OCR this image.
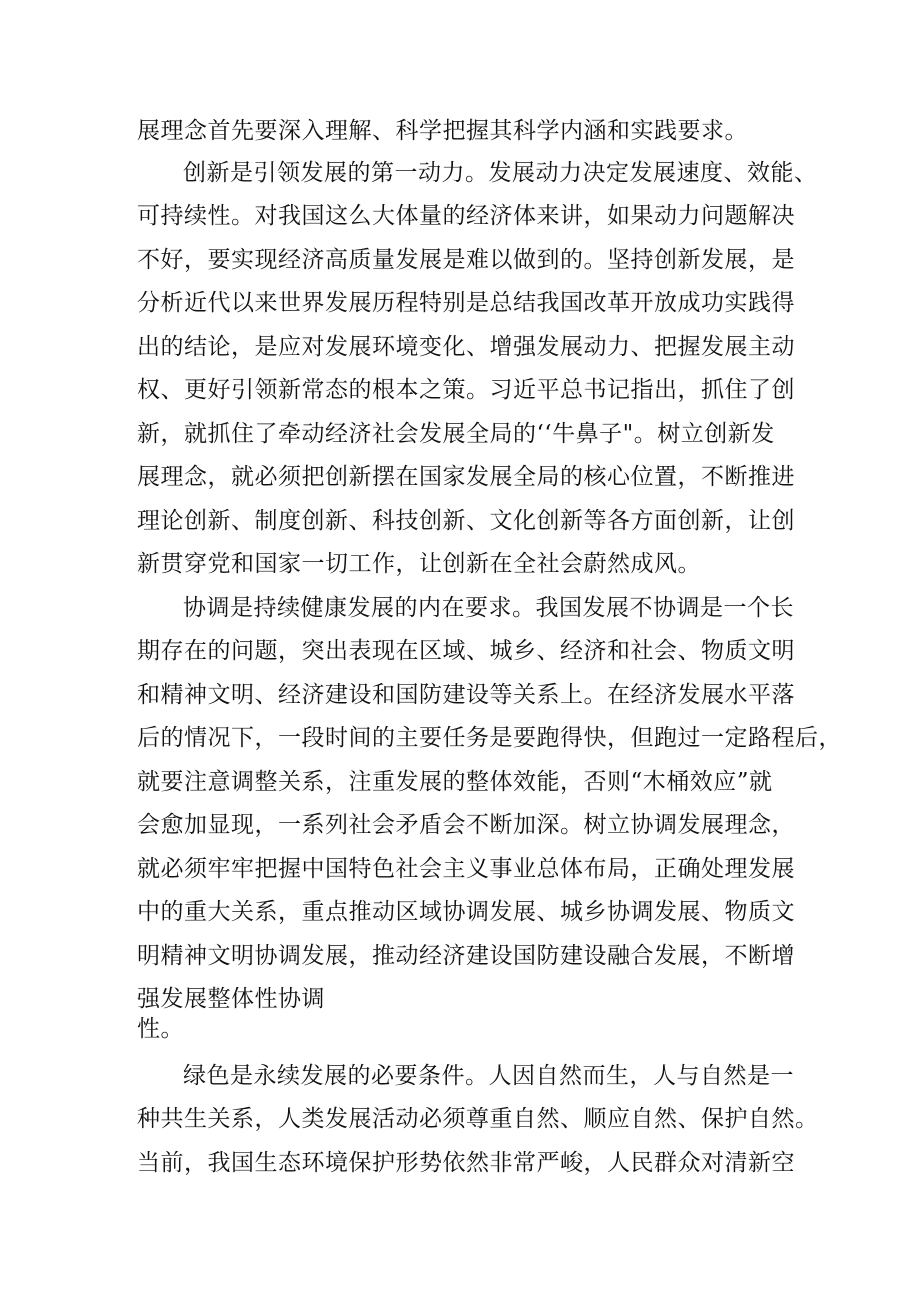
展理念首先要深入理解、科学把握其科学内涵和实践要求。
创新是引领发展的第一动力。发展动力决定发展速度、效能、
可持续性。对我国这么大体量的经济体来讲，如果动力问题解决
不好，要实现经济高质量发展是难以做到的。坚持创新发展，是
分析近代以来世界发展历程特别是总结我国改革开放成功实践得
出的结论，是应对发展环境变化、增强发展动力、把握发展主动
权、更好引领新常态的根本之策。习近平总书记指出，抓住了创
新，就抓住了牵动经济社会发展全局的‘‘牛鼻子"。树立创新发
展理念，就必须把创新摆在国家发展全局的核心位置，不断推进
理论创新、制度创新、科技创新、文化创新等各方面创新，让创
新贯穿党和国家一切工作，让创新在全社会蔚然成风。
协调是持续健康发展的内在要求。我国发展不协调是一个长
期存在的问题，突出表现在区域、城乡、经济和社会、物质文明
和精神文明、经济建设和国防建设等关系上。在经济发展水平落
后的情况下，一段时间的主要任务是要跑得快，但跑过一定路程后，
就要注意调整关系，注重发展的整体效能，否则“木桶效应”就
会愈加显现，一系列社会矛盾会不断加深。树立协调发展理念，
就必须牢牢把握中国特色社会主义事业总体布局，正确处理发展
中的重大关系，重点推动区域协调发展、城乡协调发展、物质文
明精神文明协调发展，推动经济建设国防建设融合发展，不断增
强发展整体性协调
性。
绿色是永续发展的必要条件。人因自然而生，人与自然是一
种共生关系，人类发展活动必须尊重自然、顺应自然、保护自然。
当前，我国生态环境保护形势依然非常严峻，人民群众对清新空
